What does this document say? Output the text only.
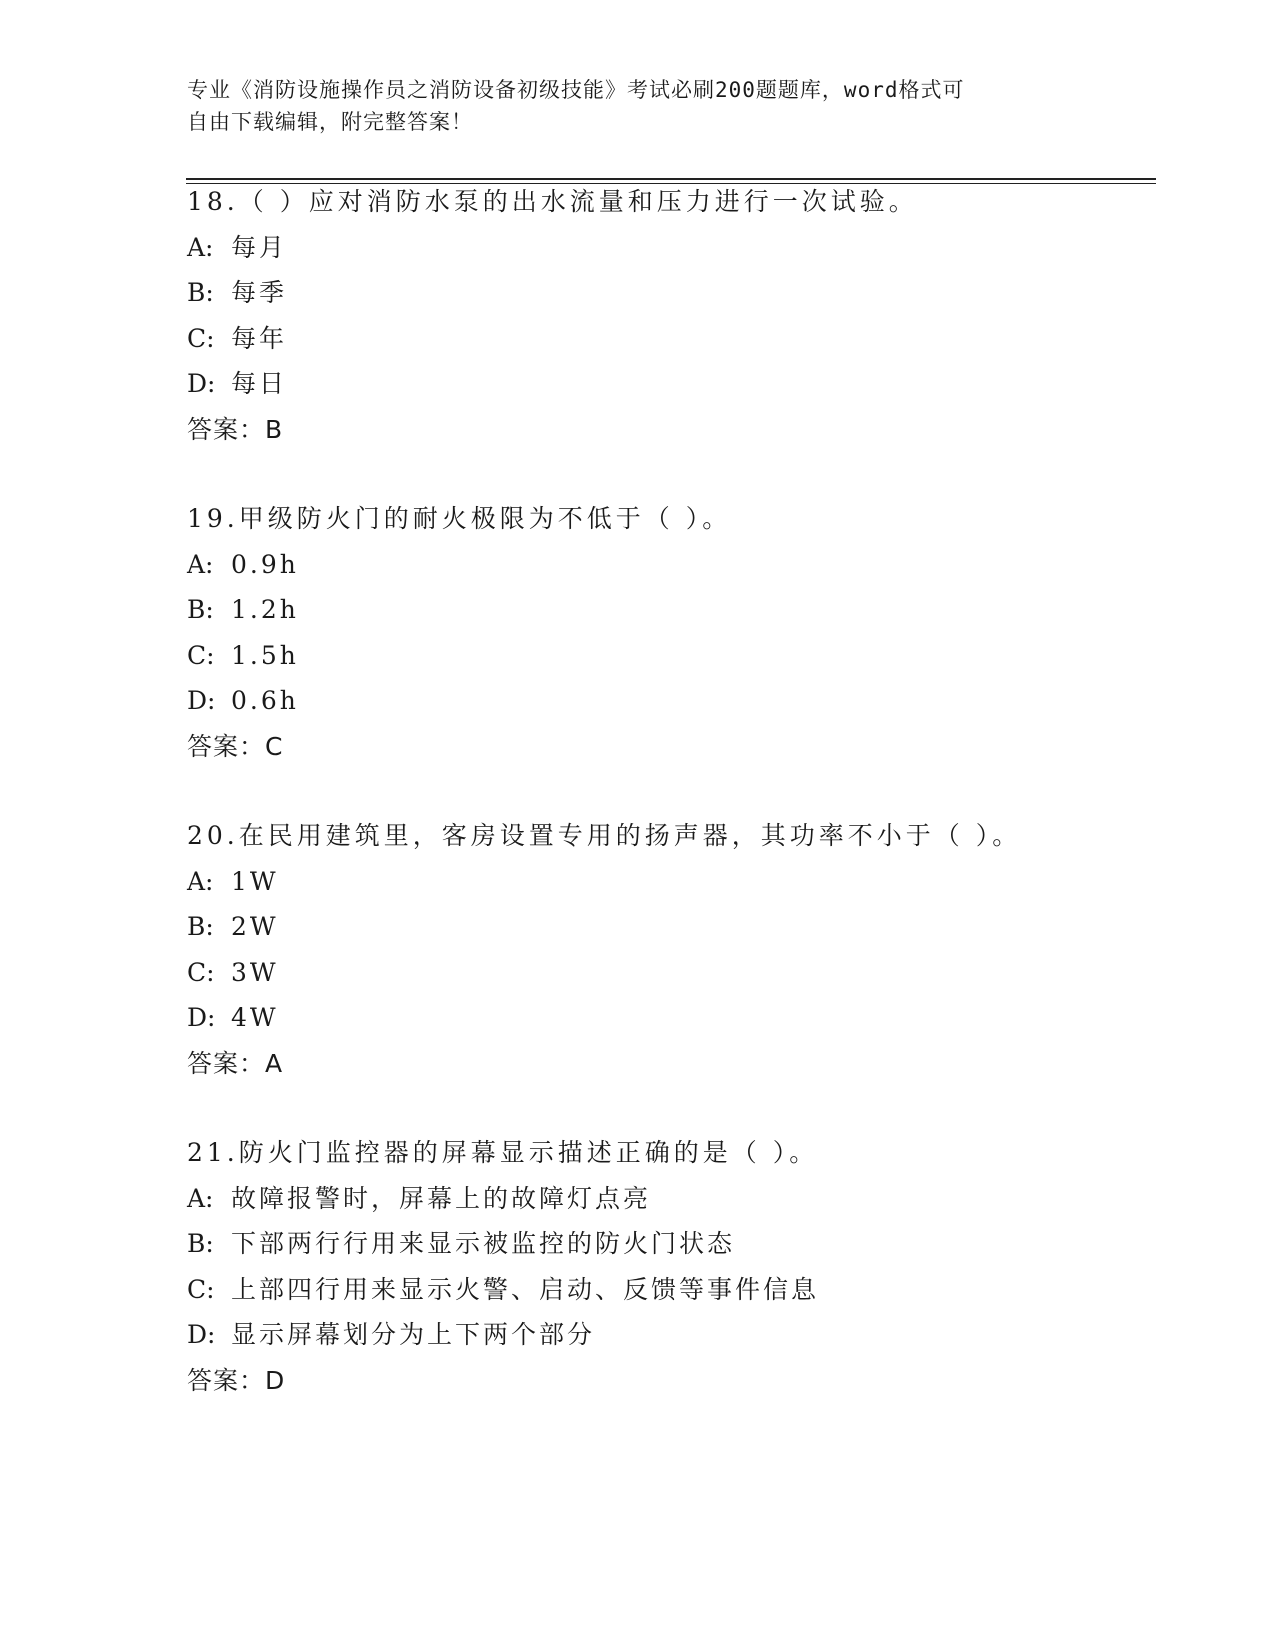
专业《消防设施操作员之消防设备初级技能》考试必刷200题题库，word格式可
自由下载编辑，附完整答案！
18.（ ）应对消防水泵的出水流量和压力进行一次试验。
A: 每月
B: 每季
C: 每年
D: 每日
答案：B
19.甲级防火门的耐火极限为不低于（ ）。
A: 0.9h
B: 1.2h
C: 1.5h
D: 0.6h
答案：C
20.在民用建筑里，客房设置专用的扬声器，其功率不小于（ ）。
A: 1W
B: 2W
C: 3W
D: 4W
答案：A
21.防火门监控器的屏幕显示描述正确的是（ ）。
A: 故障报警时，屏幕上的故障灯点亮
B: 下部两行行用来显示被监控的防火门状态
C: 上部四行用来显示火警、启动、反馈等事件信息
D: 显示屏幕划分为上下两个部分
答案：D
